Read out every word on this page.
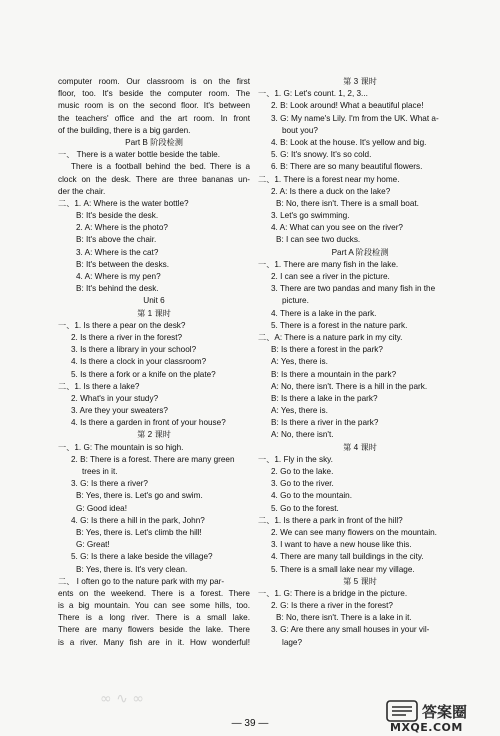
computer room. Our classroom is on the first
floor, too. It's beside the computer room. The
music room is on the second floor. It's between
the teachers' office and the art room. In front
of the building, there is a big garden.
Part B 阶段检测
一、 There is a water bottle beside the table.
There is a football behind the bed. There is a
clock on the desk. There are three bananas un-
der the chair.
二、1. A: Where is the water bottle?
B: It's beside the desk.
2. A: Where is the photo?
B: It's above the chair.
3. A: Where is the cat?
B: It's between the desks.
4. A: Where is my pen?
B: It's behind the desk.
Unit 6
第 1 课时
一、1. Is there a pear on the desk?
2. Is there a river in the forest?
3. Is there a library in your school?
4. Is there a clock in your classroom?
5. Is there a fork or a knife on the plate?
二、1. Is there a lake?
2. What's in your study?
3. Are they your sweaters?
4. Is there a garden in front of your house?
第 2 课时
一、1. G: The mountain is so high.
2. B: There is a forest. There are many green
trees in it.
3. G: Is there a river?
B: Yes, there is. Let's go and swim.
G: Good idea!
4. G: Is there a hill in the park, John?
B: Yes, there is. Let's climb the hill!
G: Great!
5. G: Is there a lake beside the village?
B: Yes, there is. It's very clean.
二、 I often go to the nature park with my par-
ents on the weekend. There is a forest. There
is a big mountain. You can see some hills, too.
There is a long river. There is a small lake.
There are many flowers beside the lake. There
is a river. Many fish are in it. How wonderful!
第 3 课时
一、1. G: Let's count. 1, 2, 3...
2. B: Look around! What a beautiful place!
3. G: My name's Lily. I'm from the UK. What a-
bout you?
4. B: Look at the house. It's yellow and big.
5. G: It's snowy. It's so cold.
6. B: There are so many beautiful flowers.
二、1. There is a forest near my home.
2. A: Is there a duck on the lake?
B: No, there isn't. There is a small boat.
3. Let's go swimming.
4. A: What can you see on the river?
B: I can see two ducks.
Part A 阶段检测
一、1. There are many fish in the lake.
2. I can see a river in the picture.
3. There are two pandas and many fish in the
picture.
4. There is a lake in the park.
5. There is a forest in the nature park.
二、A: There is a nature park in my city.
B: Is there a forest in the park?
A: Yes, there is.
B: Is there a mountain in the park?
A: No, there isn't. There is a hill in the park.
B: Is there a lake in the park?
A: Yes, there is.
B: Is there a river in the park?
A: No, there isn't.
第 4 课时
一、1. Fly in the sky.
2. Go to the lake.
3. Go to the river.
4. Go to the mountain.
5. Go to the forest.
二、1. Is there a park in front of the hill?
2. We can see many flowers on the mountain.
3. I want to have a new house like this.
4. There are many tall buildings in the city.
5. There is a small lake near my village.
第 5 课时
一、1. G: There is a bridge in the picture.
2. G: Is there a river in the forest?
B: No, there isn't. There is a lake in it.
3. G: Are there any small houses in your vil-
lage?
∞ ∿ ∞
— 39 —
答案圈
MXQE.COM
